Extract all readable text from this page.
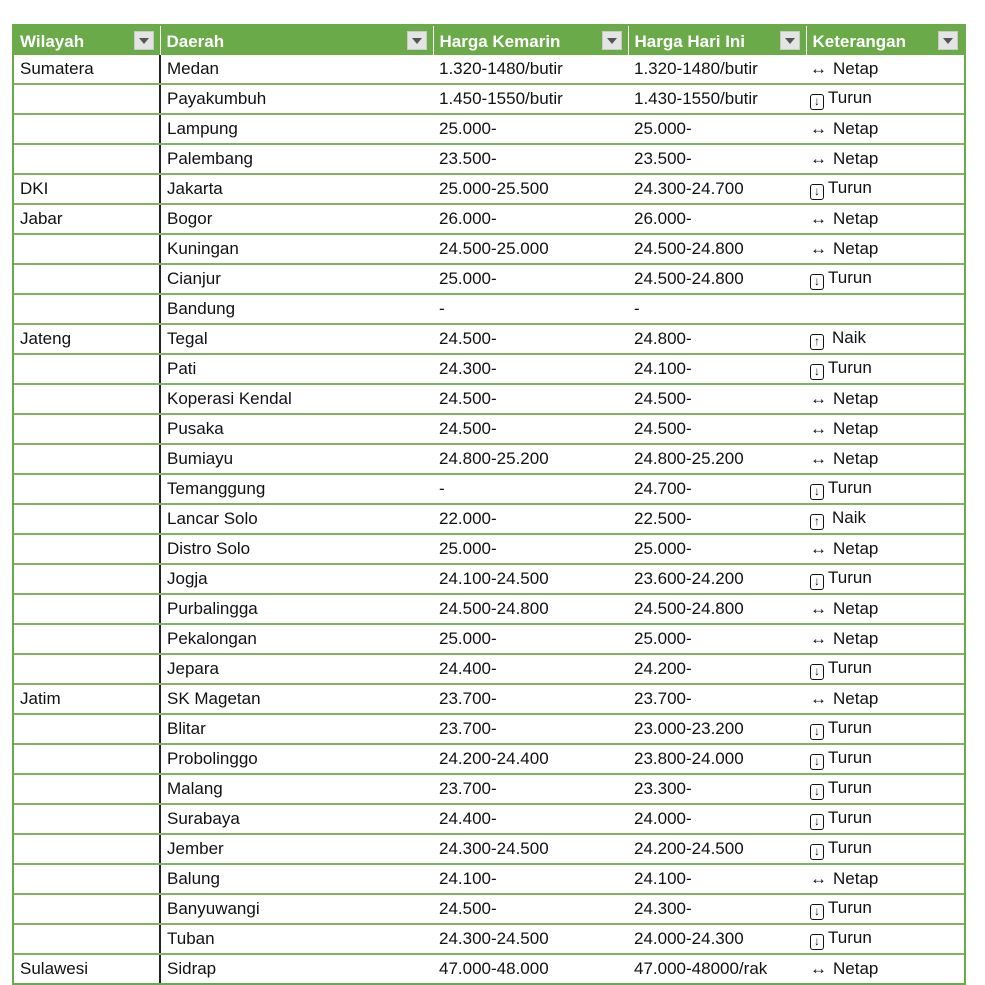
Wilayah	Daerah	Harga Kemarin	Harga Hari Ini	Keterangan

Sumatera	Medan	1.320-1480/butir	1.320-1480/butir	↔ Netap
	Payakumbuh	1.450-1550/butir	1.430-1550/butir	↓ Turun
	Lampung	25.000-	25.000-	↔ Netap
	Palembang	23.500-	23.500-	↔ Netap
DKI	Jakarta	25.000-25.500	24.300-24.700	↓ Turun
Jabar	Bogor	26.000-	26.000-	↔ Netap
	Kuningan	24.500-25.000	24.500-24.800	↔ Netap
	Cianjur	25.000-	24.500-24.800	↓ Turun
	Bandung	-	-	
Jateng	Tegal	24.500-	24.800-	↑ Naik
	Pati	24.300-	24.100-	↓ Turun
	Koperasi Kendal	24.500-	24.500-	↔ Netap
	Pusaka	24.500-	24.500-	↔ Netap
	Bumiayu	24.800-25.200	24.800-25.200	↔ Netap
	Temanggung	-	24.700-	↓ Turun
	Lancar Solo	22.000-	22.500-	↑ Naik
	Distro Solo	25.000-	25.000-	↔ Netap
	Jogja	24.100-24.500	23.600-24.200	↓ Turun
	Purbalingga	24.500-24.800	24.500-24.800	↔ Netap
	Pekalongan	25.000-	25.000-	↔ Netap
	Jepara	24.400-	24.200-	↓ Turun
Jatim	SK Magetan	23.700-	23.700-	↔ Netap
	Blitar	23.700-	23.000-23.200	↓ Turun
	Probolinggo	24.200-24.400	23.800-24.000	↓ Turun
	Malang	23.700-	23.300-	↓ Turun
	Surabaya	24.400-	24.000-	↓ Turun
	Jember	24.300-24.500	24.200-24.500	↓ Turun
	Balung	24.100-	24.100-	↔ Netap
	Banyuwangi	24.500-	24.300-	↓ Turun
	Tuban	24.300-24.500	24.000-24.300	↓ Turun
Sulawesi	Sidrap	47.000-48.000	47.000-48000/rak	↔ Netap
